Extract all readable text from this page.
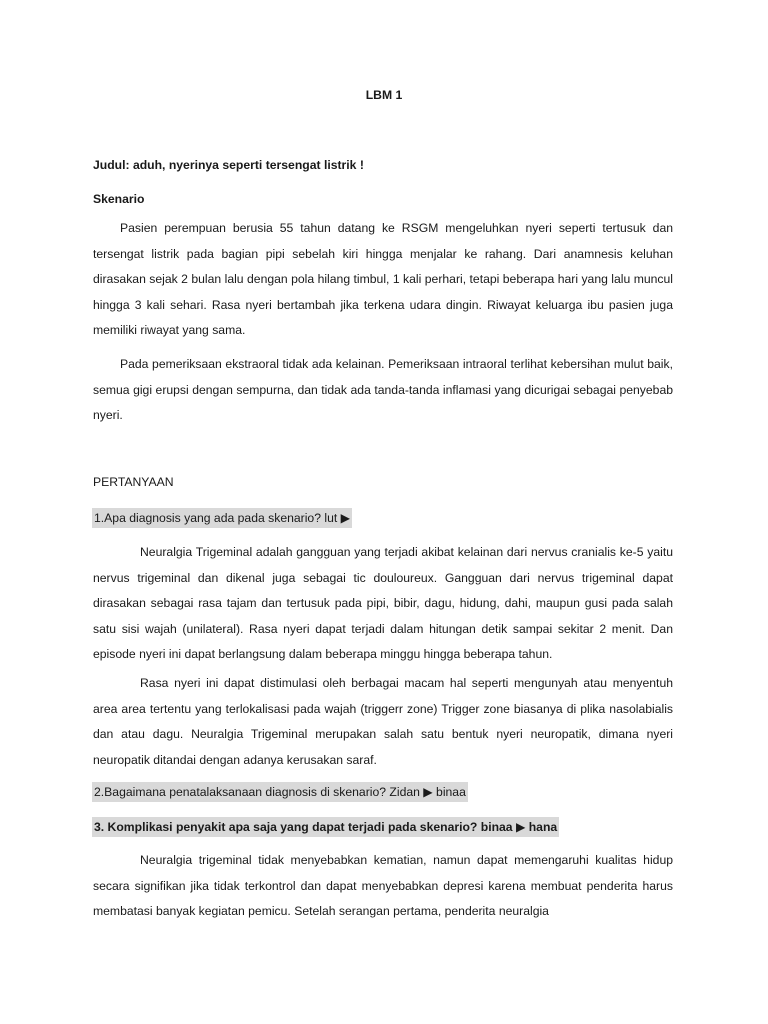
LBM 1
Judul: aduh, nyerinya seperti tersengat listrik !
Skenario

Pasien perempuan berusia 55 tahun datang ke RSGM mengeluhkan nyeri seperti tertusuk dan tersengat listrik pada bagian pipi sebelah kiri hingga menjalar ke rahang. Dari anamnesis keluhan dirasakan sejak 2 bulan lalu dengan pola hilang timbul, 1 kali perhari, tetapi beberapa hari yang lalu muncul hingga 3 kali sehari. Rasa nyeri bertambah jika terkena udara dingin. Riwayat keluarga ibu pasien juga memiliki riwayat yang sama.

Pada pemeriksaan ekstraoral tidak ada kelainan. Pemeriksaan intraoral terlihat kebersihan mulut baik, semua gigi erupsi dengan sempurna, dan tidak ada tanda-tanda inflamasi yang dicurigai sebagai penyebab nyeri.

PERTANYAAN
1.Apa diagnosis yang ada pada skenario? lut ▶

Neuralgia Trigeminal adalah gangguan yang terjadi akibat kelainan dari nervus cranialis ke-5 yaitu nervus trigeminal dan dikenal juga sebagai tic douloureux. Gangguan dari nervus trigeminal dapat dirasakan sebagai rasa tajam dan tertusuk pada pipi, bibir, dagu, hidung, dahi, maupun gusi pada salah satu sisi wajah (unilateral). Rasa nyeri dapat terjadi dalam hitungan detik sampai sekitar 2 menit. Dan episode nyeri ini dapat berlangsung dalam beberapa minggu hingga beberapa tahun.

Rasa nyeri ini dapat distimulasi oleh berbagai macam hal seperti mengunyah atau menyentuh area area tertentu yang terlokalisasi pada wajah (triggerr zone) Trigger zone biasanya di plika nasolabialis dan atau dagu. Neuralgia Trigeminal merupakan salah satu bentuk nyeri neuropatik, dimana nyeri neuropatik ditandai dengan adanya kerusakan saraf.

2.Bagaimana penatalaksanaan diagnosis di skenario? Zidan ▶ binaa
3. Komplikasi penyakit apa saja yang dapat terjadi pada skenario? binaa ▶ hana

Neuralgia trigeminal tidak menyebabkan kematian, namun dapat memengaruhi kualitas hidup secara signifikan jika tidak terkontrol dan dapat menyebabkan depresi karena membuat penderita harus membatasi banyak kegiatan pemicu. Setelah serangan pertama, penderita neuralgia
